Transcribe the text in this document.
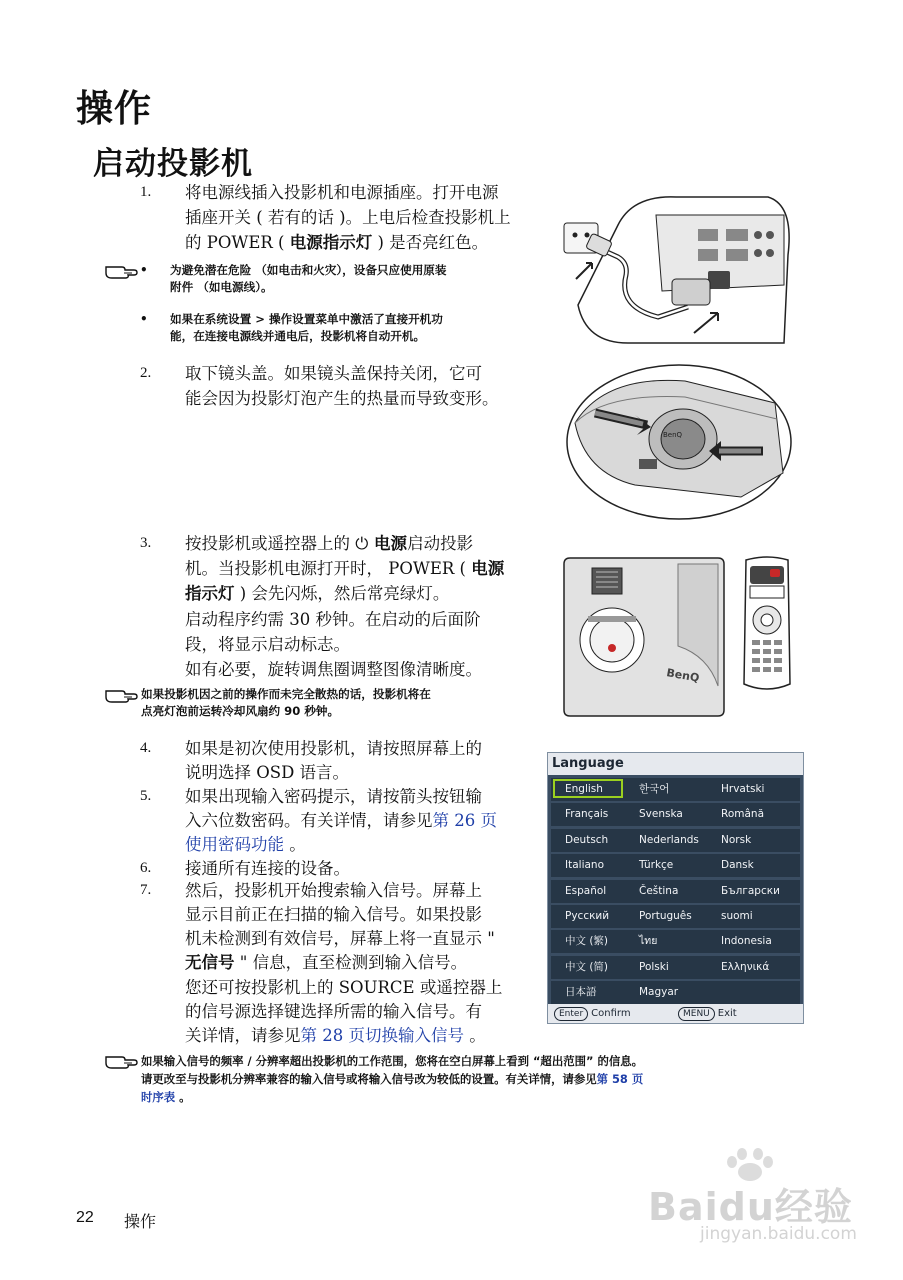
操作
启动投影机
1. 将电源线插入投影机和电源插座。打开电源
插座开关 ( 若有的话 )。上电后检查投影机上
的 POWER ( 电源指示灯 ) 是否亮红色。
• 为避免潜在危险 （如电击和火灾），设备只应使用原装
附件 （如电源线）。
• 如果在系统设置 > 操作设置菜单中激活了直接开机功
能，在连接电源线并通电后，投影机将自动开机。
2. 取下镜头盖。如果镜头盖保持关闭，它可
能会因为投影灯泡产生的热量而导致变形。
BenQ
3. 按投影机或遥控器上的 ⏻ 电源启动投影
机。当投影机电源打开时， POWER ( 电源
指示灯 ) 会先闪烁，然后常亮绿灯。
启动程序约需 30 秒钟。在启动的后面阶
段，将显示启动标志。
如有必要，旋转调焦圈调整图像清晰度。	BenQ
如果投影机因之前的操作而未完全散热的话，投影机将在
点亮灯泡前运转冷却风扇约 90 秒钟。
4. 如果是初次使用投影机，请按照屏幕上的
说明选择 OSD 语言。
5. 如果出现输入密码提示，请按箭头按钮输
入六位数密码。有关详情，请参见第 26 页
使用密码功能 。
6. 接通所有连接的设备。
7. 然后，投影机开始搜索输入信号。屏幕上
显示目前正在扫描的输入信号。如果投影
机未检测到有效信号，屏幕上将一直显示 "
无信号 " 信息，直至检测到输入信号。
您还可按投影机上的 SOURCE 或遥控器上
的信号源选择键选择所需的输入信号。有
关详情，请参见第 28 页切换输入信号 。
Language
English	한국어	Hrvatski
Français	Svenska	Română
Deutsch	Nederlands Norsk
Italiano	Türkçe	Dansk
Español	Čeština	Български
Русский	Português	suomi
中文 (繁)	ไทย	Indonesia
中文 (简)	Polski	Ελληνικά
日本語	Magyar
Enter Confirm	MENU Exit
如果输入信号的频率 / 分辨率超出投影机的工作范围，您将在空白屏幕上看到 “超出范围” 的信息。
请更改至与投影机分辨率兼容的输入信号或将输入信号改为较低的设置。有关详情，请参见第 58 页
时序表 。
22 操作	Baidu经验
jingyan.baidu.com
